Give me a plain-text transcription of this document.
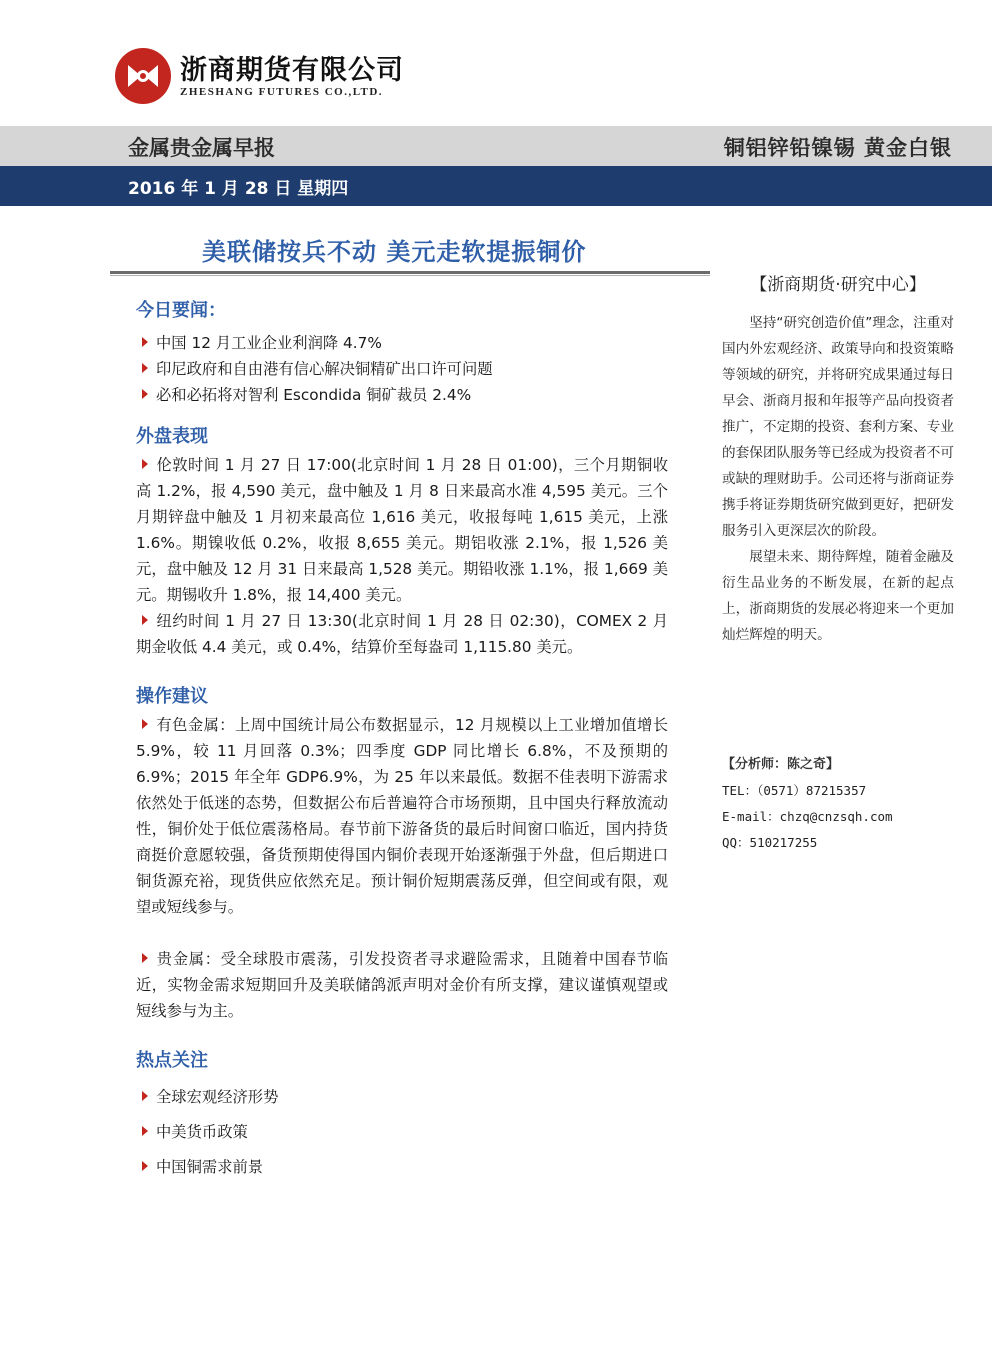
浙商期货有限公司
ZHESHANG FUTURES CO.,LTD.
金属贵金属早报	铜铝锌铅镍锡 黄金白银
2016 年 1 月 28 日 星期四
美联储按兵不动 美元走软提振铜价
今日要闻：
中国 12 月工业企业利润降 4.7%
印尼政府和自由港有信心解决铜精矿出口许可问题
必和必拓将对智利 Escondida 铜矿裁员 2.4%
外盘表现

伦敦时间 1 月 27 日 17:00(北京时间 1 月 28 日 01:00)，三个月期铜收高 1.2%，报 4,590 美元，盘中触及 1 月 8 日来最高水准 4,595 美元。三个月期锌盘中触及 1 月初来最高位 1,616 美元，收报每吨 1,615 美元，上涨 1.6%。期镍收低 0.2%，收报 8,655 美元。期铝收涨 2.1%，报 1,526 美元，盘中触及 12 月 31 日来最高 1,528 美元。期铅收涨 1.1%，报 1,669 美元。期锡收升 1.8%，报 14,400 美元。

纽约时间 1 月 27 日 13:30(北京时间 1 月 28 日 02:30)，COMEX 2 月期金收低 4.4 美元，或 0.4%，结算价至每盎司 1,115.80 美元。

操作建议

有色金属：上周中国统计局公布数据显示，12 月规模以上工业增加值增长 5.9%，较 11 月回落 0.3%；四季度 GDP 同比增长 6.8%，不及预期的 6.9%；2015 年全年 GDP6.9%，为 25 年以来最低。数据不佳表明下游需求依然处于低迷的态势，但数据公布后普遍符合市场预期，且中国央行释放流动性，铜价处于低位震荡格局。春节前下游备货的最后时间窗口临近，国内持货商挺价意愿较强，备货预期使得国内铜价表现开始逐渐强于外盘，但后期进口铜货源充裕，现货供应依然充足。预计铜价短期震荡反弹，但空间或有限，观望或短线参与。

贵金属：受全球股市震荡，引发投资者寻求避险需求，且随着中国春节临近，实物金需求短期回升及美联储鸽派声明对金价有所支撑，建议谨慎观望或短线参与为主。

热点关注
全球宏观经济形势
中美货币政策
中国铜需求前景
【浙商期货·研究中心】

坚持“研究创造价值”理念，注重对国内外宏观经济、政策导向和投资策略等领域的研究，并将研究成果通过每日早会、浙商月报和年报等产品向投资者推广，不定期的投资、套利方案、专业的套保团队服务等已经成为投资者不可或缺的理财助手。公司还将与浙商证券携手将证券期货研究做到更好，把研发服务引入更深层次的阶段。

展望未来、期待辉煌，随着金融及衍生品业务的不断发展，在新的起点上，浙商期货的发展必将迎来一个更加灿烂辉煌的明天。

【分析师：陈之奇】
TEL：（0571）87215357
E-mail：chzq@cnzsqh.com
QQ：510217255
